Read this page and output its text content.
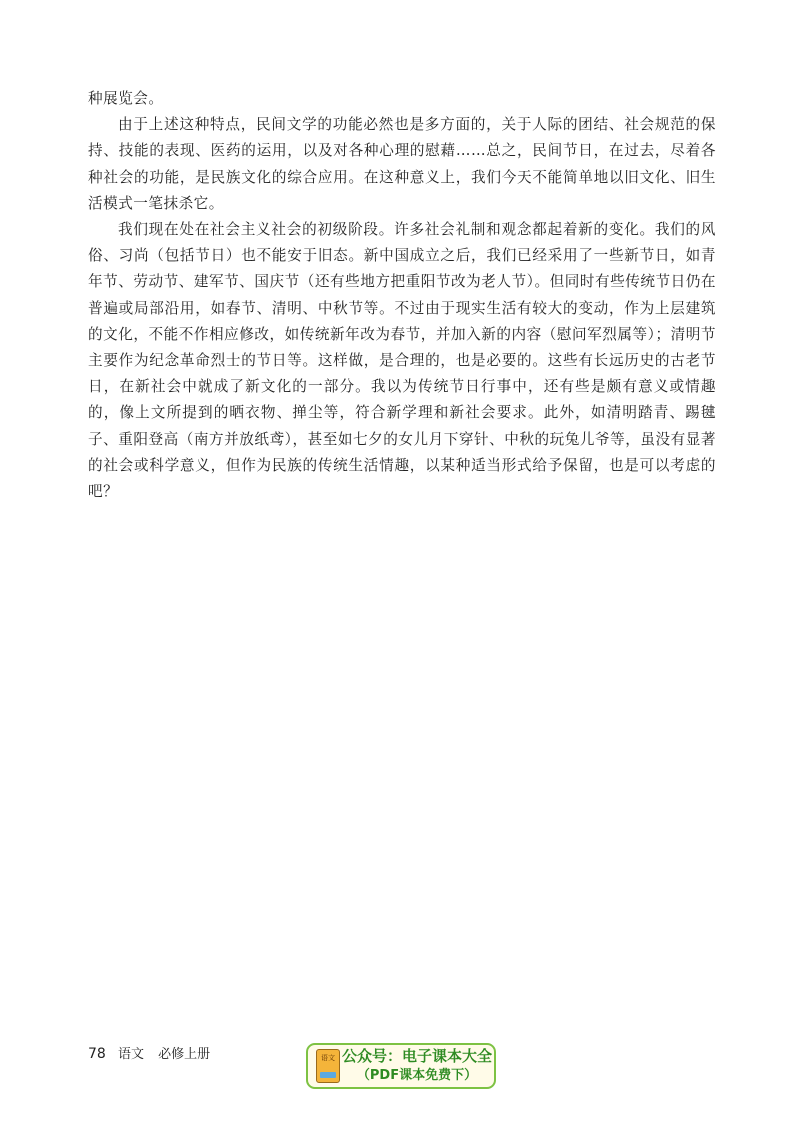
种展览会。

由于上述这种特点，民间文学的功能必然也是多方面的，关于人际的团结、社会规范的保持、技能的表现、医药的运用，以及对各种心理的慰藉……总之，民间节日，在过去，尽着各种社会的功能，是民族文化的综合应用。在这种意义上，我们今天不能简单地以旧文化、旧生活模式一笔抹杀它。

我们现在处在社会主义社会的初级阶段。许多社会礼制和观念都起着新的变化。我们的风俗、习尚（包括节日）也不能安于旧态。新中国成立之后，我们已经采用了一些新节日，如青年节、劳动节、建军节、国庆节（还有些地方把重阳节改为老人节）。但同时有些传统节日仍在普遍或局部沿用，如春节、清明、中秋节等。不过由于现实生活有较大的变动，作为上层建筑的文化，不能不作相应修改，如传统新年改为春节，并加入新的内容（慰问军烈属等）；清明节主要作为纪念革命烈士的节日等。这样做，是合理的，也是必要的。这些有长远历史的古老节日，在新社会中就成了新文化的一部分。我以为传统节日行事中，还有些是颇有意义或情趣的，像上文所提到的晒衣物、掸尘等，符合新学理和新社会要求。此外，如清明踏青、踢毽子、重阳登高（南方并放纸鸢），甚至如七夕的女儿月下穿针、中秋的玩兔儿爷等，虽没有显著的社会或科学意义，但作为民族的传统生活情趣，以某种适当形式给予保留，也是可以考虑的吧？

78 语文 必修上册	语文 公众号：电子课本大全
（PDF课本免费下）
